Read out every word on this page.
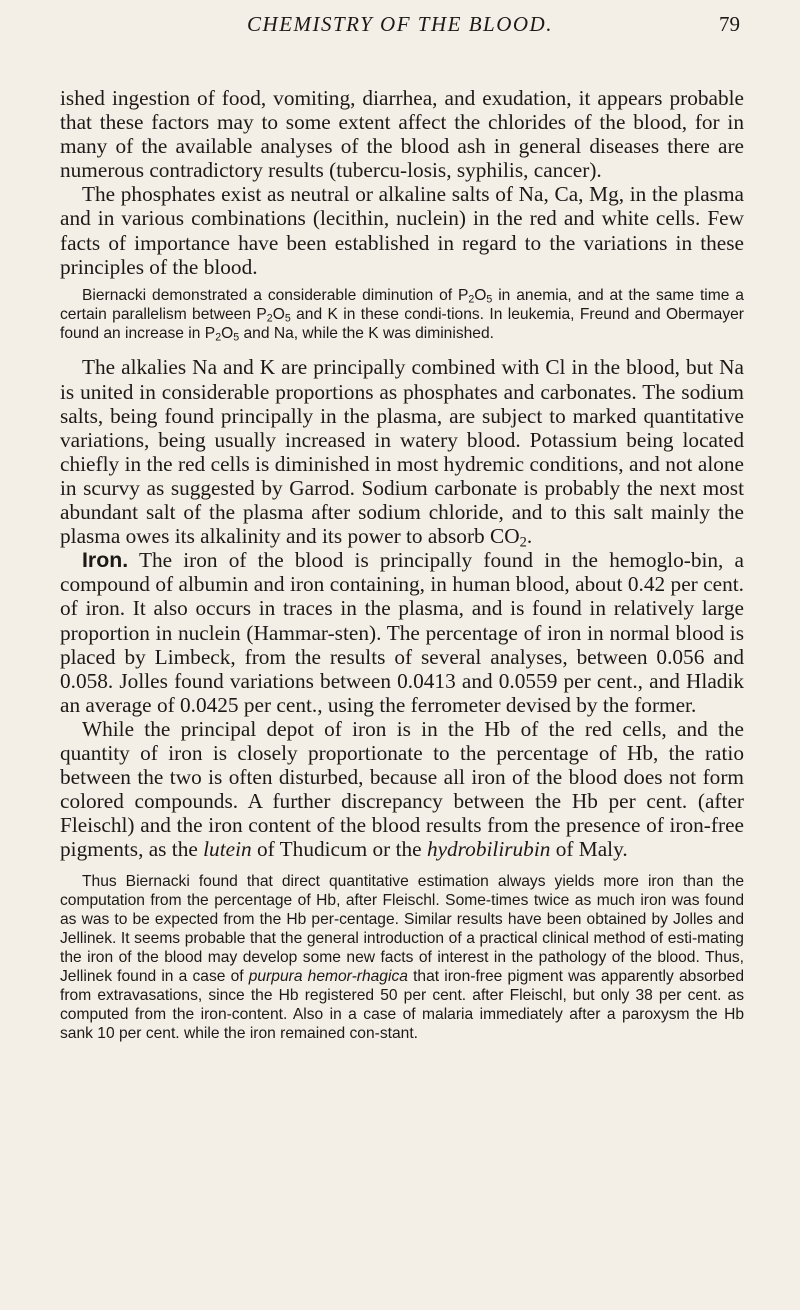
CHEMISTRY OF THE BLOOD.	79

ished ingestion of food, vomiting, diarrhea, and exudation, it appears probable that these factors may to some extent affect the chlorides of the blood, for in many of the available analyses of the blood ash in general diseases there are numerous contradictory results (tubercu-losis, syphilis, cancer).

The phosphates exist as neutral or alkaline salts of Na, Ca, Mg, in the plasma and in various combinations (lecithin, nuclein) in the red and white cells. Few facts of importance have been established in regard to the variations in these principles of the blood.

Biernacki demonstrated a considerable diminution of $P_2O_5$ in anemia, and at the same time a certain parallelism between $P_2O_5$ and K in these condi-tions. In leukemia, Freund and Obermayer found an increase in $P_2O_5$ and Na, while the K was diminished.

The alkalies Na and K are principally combined with Cl in the blood, but Na is united in considerable proportions as phosphates and carbonates. The sodium salts, being found principally in the plasma, are subject to marked quantitative variations, being usually increased in watery blood. Potassium being located chiefly in the red cells is diminished in most hydremic conditions, and not alone in scurvy as suggested by Garrod. Sodium carbonate is probably the next most abundant salt of the plasma after sodium chloride, and to this salt mainly the plasma owes its alkalinity and its power to absorb $CO_2$.

Iron. The iron of the blood is principally found in the hemoglo-bin, a compound of albumin and iron containing, in human blood, about 0.42 per cent. of iron. It also occurs in traces in the plasma, and is found in relatively large proportion in nuclein (Hammar-sten). The percentage of iron in normal blood is placed by Limbeck, from the results of several analyses, between 0.056 and 0.058. Jolles found variations between 0.0413 and 0.0559 per cent., and Hladik an average of 0.0425 per cent., using the ferrometer devised by the former.

While the principal depot of iron is in the Hb of the red cells, and the quantity of iron is closely proportionate to the percentage of Hb, the ratio between the two is often disturbed, because all iron of the blood does not form colored compounds. A further discrepancy between the Hb per cent. (after Fleischl) and the iron content of the blood results from the presence of iron-free pigments, as the lutein of Thudicum or the hydrobilirubin of Maly.

Thus Biernacki found that direct quantitative estimation always yields more iron than the computation from the percentage of Hb, after Fleischl. Some-times twice as much iron was found as was to be expected from the Hb per-centage. Similar results have been obtained by Jolles and Jellinek. It seems probable that the general introduction of a practical clinical method of esti-mating the iron of the blood may develop some new facts of interest in the pathology of the blood. Thus, Jellinek found in a case of purpura hemor-rhagica that iron-free pigment was apparently absorbed from extravasations, since the Hb registered 50 per cent. after Fleischl, but only 38 per cent. as computed from the iron-content. Also in a case of malaria immediately after a paroxysm the Hb sank 10 per cent. while the iron remained con-stant.
